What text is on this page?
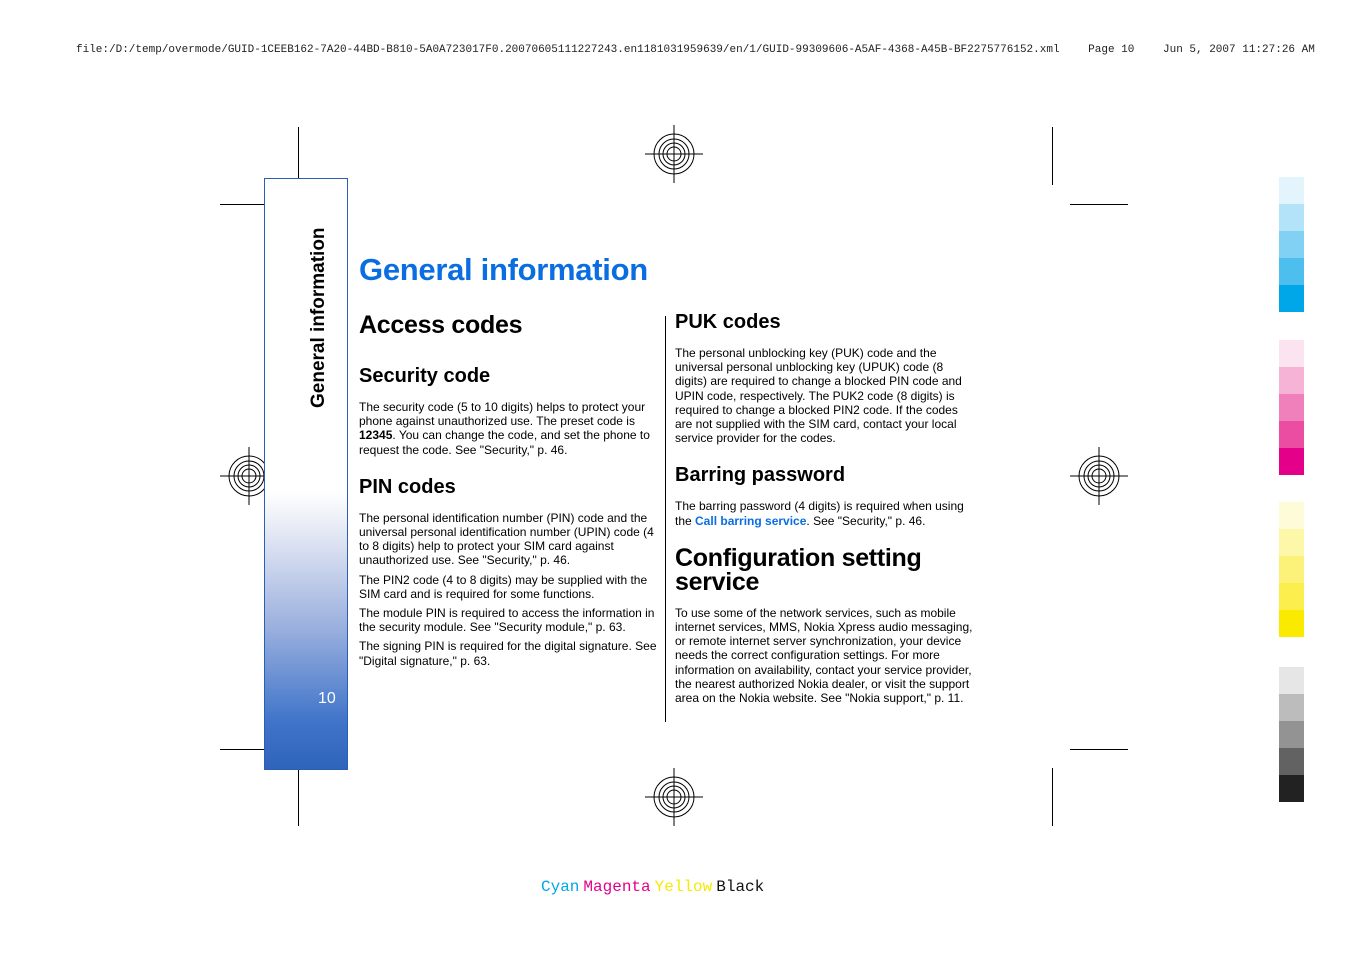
file:/D:/temp/overmode/GUID-1CEEB162-7A20-44BD-B810-5A0A723017F0.20070605111227243.en1181031959639/en/1/GUID-99309606-A5AF-4368-A45B-BF2275776152.xml	Page 10	Jun 5, 2007 11:27:26 AM
General information
10
General information
Access codes
Security code

The security code (5 to 10 digits) helps to protect your phone against unauthorized use. The preset code is 12345. You can change the code, and set the phone to request the code. See "Security," p. 46.

PIN codes

The personal identification number (PIN) code and the universal personal identification number (UPIN) code (4 to 8 digits) help to protect your SIM card against unauthorized use. See "Security," p. 46.

The PIN2 code (4 to 8 digits) may be supplied with the SIM card and is required for some functions.

The module PIN is required to access the information in the security module. See "Security module," p. 63.

The signing PIN is required for the digital signature. See "Digital signature," p. 63.

PUK codes

The personal unblocking key (PUK) code and the universal personal unblocking key (UPUK) code (8 digits) are required to change a blocked PIN code and UPIN code, respectively. The PUK2 code (8 digits) is required to change a blocked PIN2 code. If the codes are not supplied with the SIM card, contact your local service provider for the codes.

Barring password

The barring password (4 digits) is required when using the Call barring service. See "Security," p. 46.

Configuration setting service

To use some of the network services, such as mobile internet services, MMS, Nokia Xpress audio messaging, or remote internet server synchronization, your device needs the correct configuration settings. For more information on availability, contact your service provider, the nearest authorized Nokia dealer, or visit the support area on the Nokia website. See "Nokia support," p. 11.

Cyan Magenta Yellow Black
